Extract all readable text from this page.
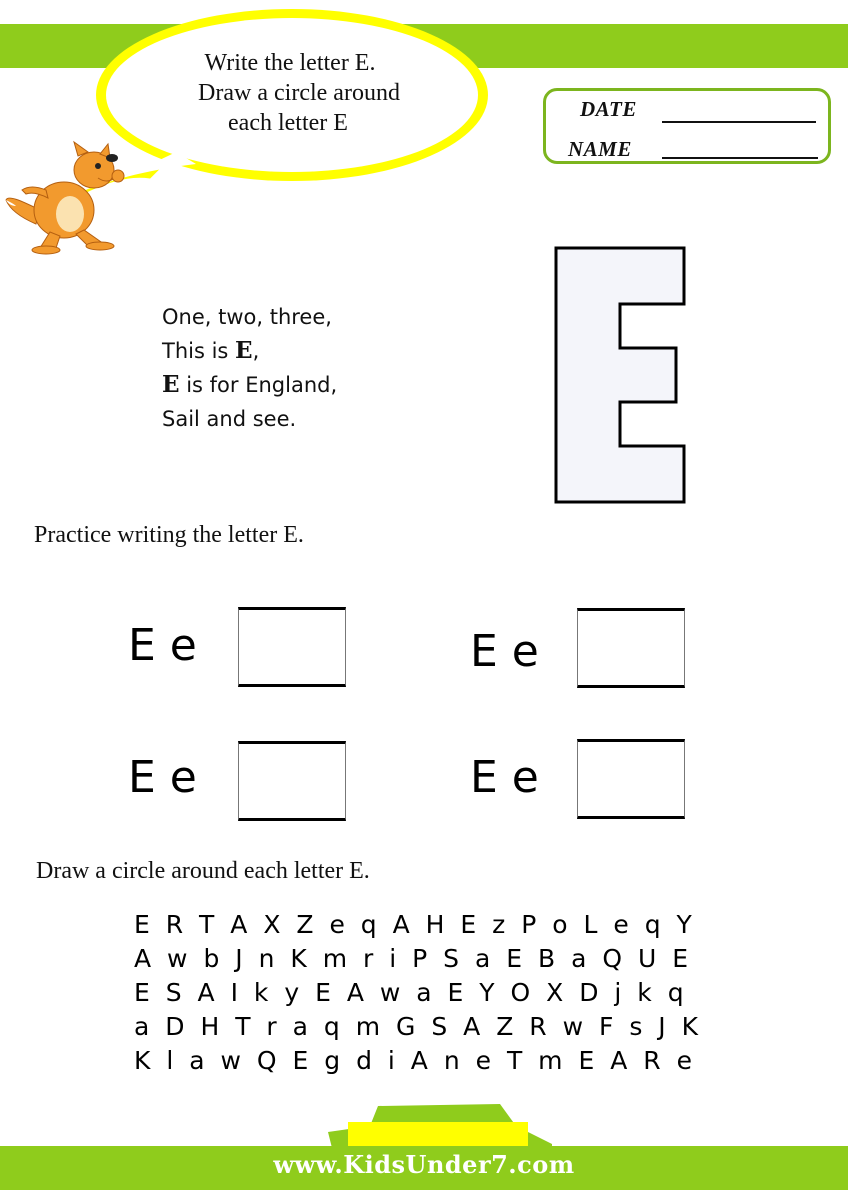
Write the letter E.
Draw a circle around
each letter E
DATE
NAME
One, two, three,
This is E,
E is for England,
Sail and see.
Practice writing the letter E.
E e	E e
E e	E e
Draw a circle around each letter E.
E R T A X Z e q A H E z P o L e q Y
A w b J n K m r i P S a E B a Q U E
E S A I k y E A w a E Y O X D j k q
a D H T r a q m G S A Z R w F s J K
K l a w Q E g d i A n e T m E A R e
www.KidsUnder7.com
